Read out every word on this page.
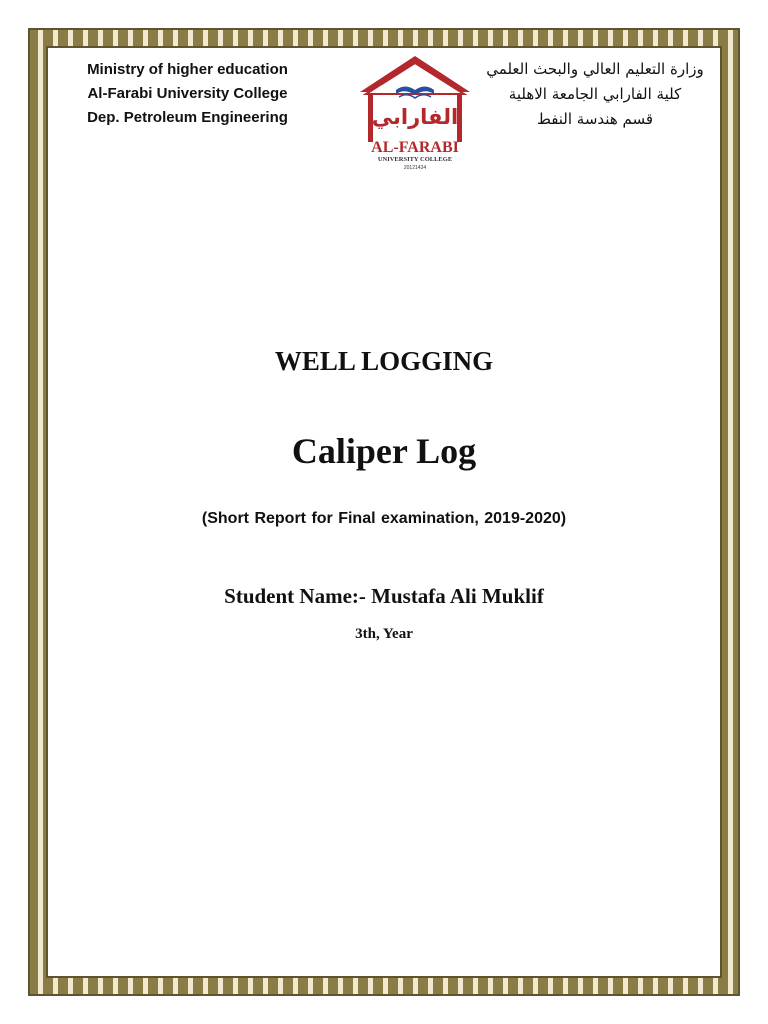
Ministry of higher education
Al-Farabi University College
Dep. Petroleum Engineering
وزارة التعليم العالي والبحث العلمي
كلية الفارابي الجامعة الاهلية
قسم هندسة النفط
الفارابي
AL-FARABI
UNIVERSITY COLLEGE
20121434
WELL LOGGING
Caliper Log
(Short Report for Final examination, 2019-2020)
Student Name:- Mustafa Ali Muklif
3th, Year
